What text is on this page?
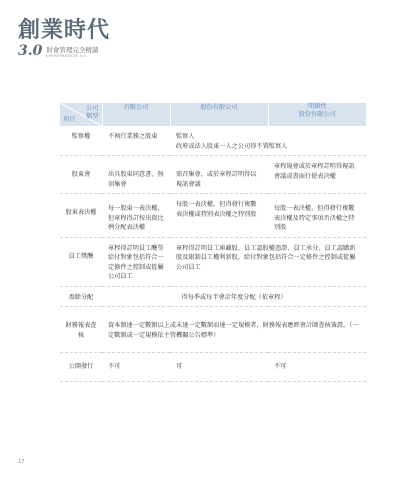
創業時代
3.0 財會管理完全精讀
ENTREPRENEUR 3.0
公司
類型
項目	有限公司	股份有限公司	閉鎖性
股份有限公司
監察權	不執行業務之股東	監察人
政府或法人股東一人之公司得不置監察人	
股東會	出具股東同意書，無須集會	需召集會，或於章程訂明得以視訊會議	章程規會或於章程訂明得視訊會議或書面行使表決權
股東表決權	每一股東一表決權，但章程得訂按出資比例分配表決權	每股一表決權，但得發行複數表決權或特別表決權之特別股	每股一表決權，但得發行複數表決權及特定事項否決權之特別股
員工獎酬	章程得訂明員工酬勞給付對象包括符合一定條件之控制或從屬公司員工	章程得訂明員工庫藏股、員工認股權憑證、員工承分、員工認購新股及限制員工權利新股，給付對象包括符合一定條件之控制或從屬公司員工	
盈餘分配	得每季或每半會計年度分配（依章程）		
財務報表查核	資本額達一定數額以上或未達一定數額而達一定規模者，財務報表應經會計師查核簽證。（一定數額或一定規模依主管機關公告標準）		
公開發行	不可	可	不可
17
